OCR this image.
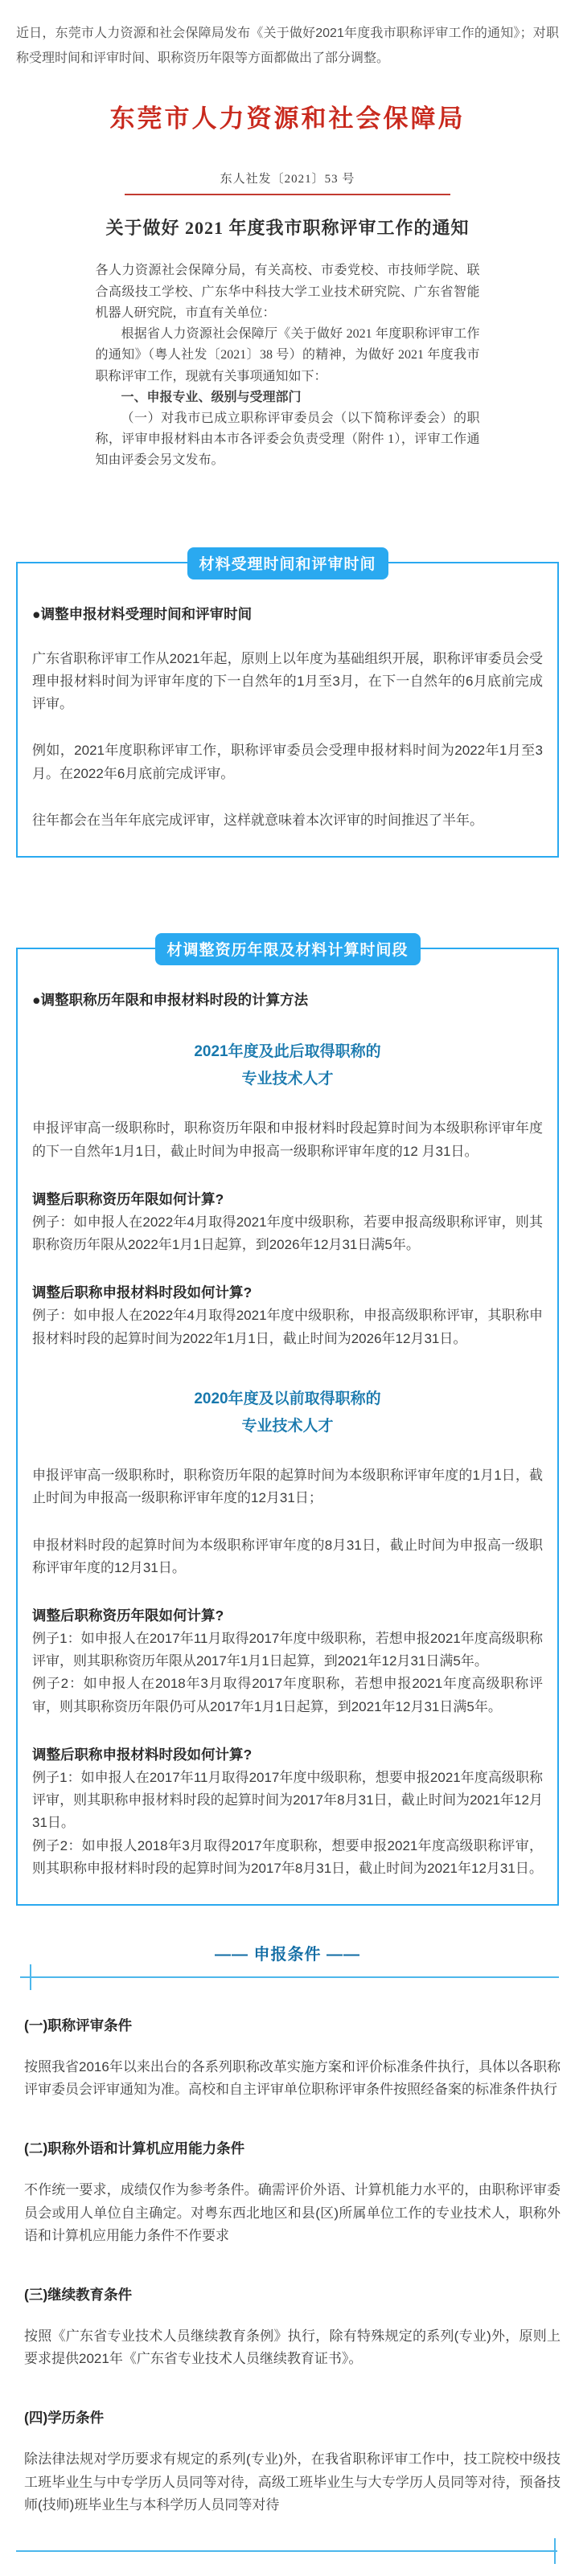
近日，东莞市人力资源和社会保障局发布《关于做好2021年度我市职称评审工作的通知》；对职称受理时间和评审时间、职称资历年限等方面都做出了部分调整。
东莞市人力资源和社会保障局
东人社发〔2021〕53 号
关于做好 2021 年度我市职称评审工作的通知

各人力资源社会保障分局，有关高校、市委党校、市技师学院、联合高级技工学校、广东华中科技大学工业技术研究院、广东省智能机器人研究院，市直有关单位：

根据省人力资源社会保障厅《关于做好 2021 年度职称评审工作的通知》（粤人社发〔2021〕38 号）的精神，为做好 2021 年度我市职称评审工作，现就有关事项通知如下：

一、申报专业、级别与受理部门

（一）对我市已成立职称评审委员会（以下简称评委会）的职称，评审申报材料由本市各评委会负责受理（附件 1），评审工作通知由评委会另文发布。

材料受理时间和评审时间
●调整申报材料受理时间和评审时间
广东省职称评审工作从2021年起，原则上以年度为基础组织开展，职称评审委员会受理申报材料时间为评审年度的下一自然年的1月至3月，在下一自然年的6月底前完成评审。
例如，2021年度职称评审工作，职称评审委员会受理申报材料时间为2022年1月至3月。在2022年6月底前完成评审。
往年都会在当年年底完成评审，这样就意味着本次评审的时间推迟了半年。
材调整资历年限及材料计算时间段
●调整职称历年限和申报材料时段的计算方法
2021年度及此后取得职称的
专业技术人才
申报评审高一级职称时，职称资历年限和申报材料时段起算时间为本级职称评审年度的下一自然年1月1日，截止时间为申报高一级职称评审年度的12 月31日。
调整后职称资历年限如何计算?
例子：如申报人在2022年4月取得2021年度中级职称，若要申报高级职称评审，则其职称资历年限从2022年1月1日起算，到2026年12月31日满5年。
调整后职称申报材料时段如何计算?
例子：如申报人在2022年4月取得2021年度中级职称，申报高级职称评审，其职称申报材料时段的起算时间为2022年1月1日，截止时间为2026年12月31日。
2020年度及以前取得职称的
专业技术人才
申报评审高一级职称时，职称资历年限的起算时间为本级职称评审年度的1月1日，截止时间为申报高一级职称评审年度的12月31日；
申报材料时段的起算时间为本级职称评审年度的8月31日，截止时间为申报高一级职称评审年度的12月31日。
调整后职称资历年限如何计算?
例子1：如申报人在2017年11月取得2017年度中级职称，若想申报2021年度高级职称评审，则其职称资历年限从2017年1月1日起算，到2021年12月31日满5年。
例子2：如申报人在2018年3月取得2017年度职称，若想申报2021年度高级职称评审，则其职称资历年限仍可从2017年1月1日起算，到2021年12月31日满5年。
调整后职称申报材料时段如何计算?
例子1：如申报人在2017年11月取得2017年度中级职称，想要申报2021年度高级职称评审，则其职称申报材料时段的起算时间为2017年8月31日，截止时间为2021年12月31日。
例子2：如申报人2018年3月取得2017年度职称，想要申报2021年度高级职称评审，则其职称申报材料时段的起算时间为2017年8月31日，截止时间为2021年12月31日。
—— 申报条件 ——
(一)职称评审条件
按照我省2016年以来出台的各系列职称改革实施方案和评价标准条件执行，具体以各职称评审委员会评审通知为准。高校和自主评审单位职称评审条件按照经备案的标准条件执行
(二)职称外语和计算机应用能力条件
不作统一要求，成绩仅作为参考条件。确需评价外语、计算机能力水平的，由职称评审委员会或用人单位自主确定。对粤东西北地区和县(区)所属单位工作的专业技术人，职称外语和计算机应用能力条件不作要求
(三)继续教育条件
按照《广东省专业技术人员继续教育条例》执行，除有特殊规定的系列(专业)外，原则上要求提供2021年《广东省专业技术人员继续教育证书》。
(四)学历条件
除法律法规对学历要求有规定的系列(专业)外，在我省职称评审工作中，技工院校中级技工班毕业生与中专学历人员同等对待，高级工班毕业生与大专学历人员同等对待，预备技师(技师)班毕业生与本科学历人员同等对待
